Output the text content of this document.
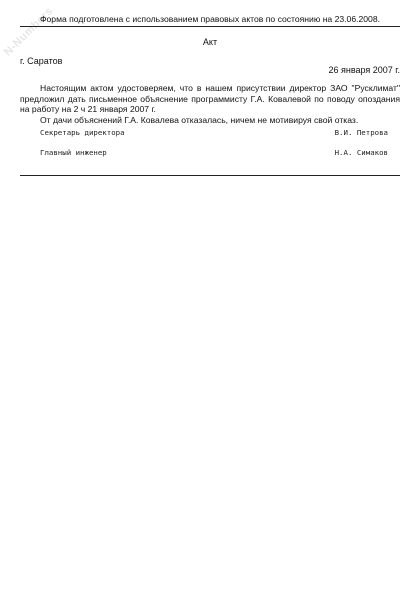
N-Numbers
Форма подготовлена с использованием правовых актов по состоянию на 23.06.2008.
Акт
г. Саратов
26 января 2007 г.

Настоящим актом удостоверяем, что в нашем присутствии директор ЗАО "Русклимат" предложил дать письменное объяснение программисту Г.А. Ковалевой по поводу опоздания на работу на 2 ч 21 января 2007 г.

От дачи объяснений Г.А. Ковалева отказалась, ничем не мотивируя свой отказ.

Секретарь директора	В.И. Петрова
Главный инженер	Н.А. Симаков
